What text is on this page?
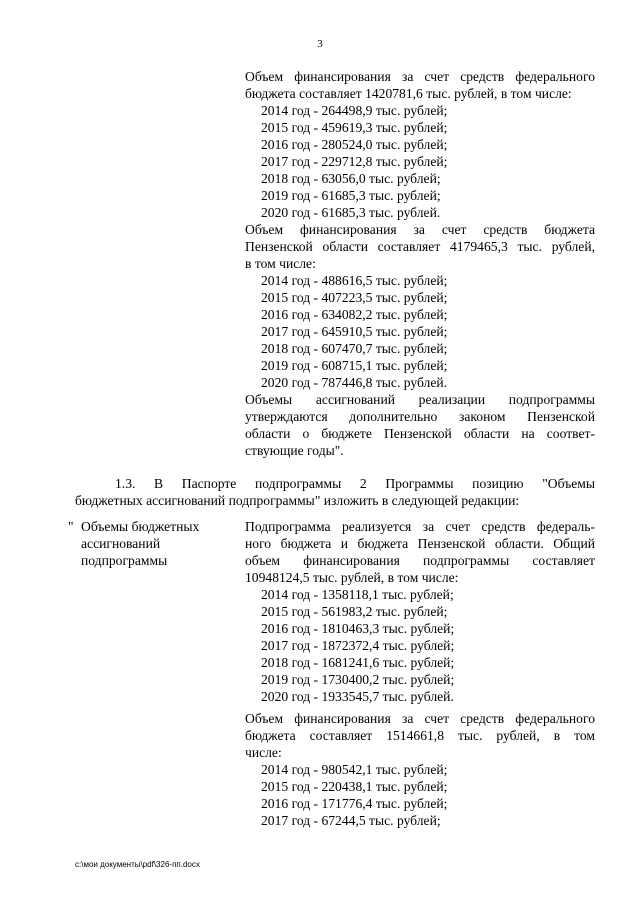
3
Объем финансирования за счет средств федерального
бюджета составляет 1420781,6 тыс. рублей, в том числе:
2014 год - 264498,9 тыс. рублей;
2015 год - 459619,3 тыс. рублей;
2016 год - 280524,0 тыс. рублей;
2017 год - 229712,8 тыс. рублей;
2018 год - 63056,0 тыс. рублей;
2019 год - 61685,3 тыс. рублей;
2020 год - 61685,3 тыс. рублей.
Объем финансирования за счет средств бюджета
Пензенской области составляет 4179465,3 тыс. рублей,
в том числе:
2014 год - 488616,5 тыс. рублей;
2015 год - 407223,5 тыс. рублей;
2016 год - 634082,2 тыс. рублей;
2017 год - 645910,5 тыс. рублей;
2018 год - 607470,7 тыс. рублей;
2019 год - 608715,1 тыс. рублей;
2020 год - 787446,8 тыс. рублей.
Объемы ассигнований реализации подпрограммы
утверждаются дополнительно законом Пензенской
области о бюджете Пензенской области на соответ-
ствующие годы".
1.3. В Паспорте подпрограммы 2 Программы позицию "Объемы
бюджетных ассигнований подпрограммы" изложить в следующей редакции:
" Объемы бюджетных
ассигнований
подпрограммы
Подпрограмма реализуется за счет средств федераль-
ного бюджета и бюджета Пензенской области. Общий
объем финансирования подпрограммы составляет
10948124,5 тыс. рублей, в том числе:
2014 год - 1358118,1 тыс. рублей;
2015 год - 561983,2 тыс. рублей;
2016 год - 1810463,3 тыс. рублей;
2017 год - 1872372,4 тыс. рублей;
2018 год - 1681241,6 тыс. рублей;
2019 год - 1730400,2 тыс. рублей;
2020 год - 1933545,7 тыс. рублей.
Объем финансирования за счет средств федерального
бюджета составляет 1514661,8 тыс. рублей, в том
числе:
2014 год - 980542,1 тыс. рублей;
2015 год - 220438,1 тыс. рублей;
2016 год - 171776,4 тыс. рублей;
2017 год - 67244,5 тыс. рублей;
c:\мои документы\pdf\326-пп.docx
